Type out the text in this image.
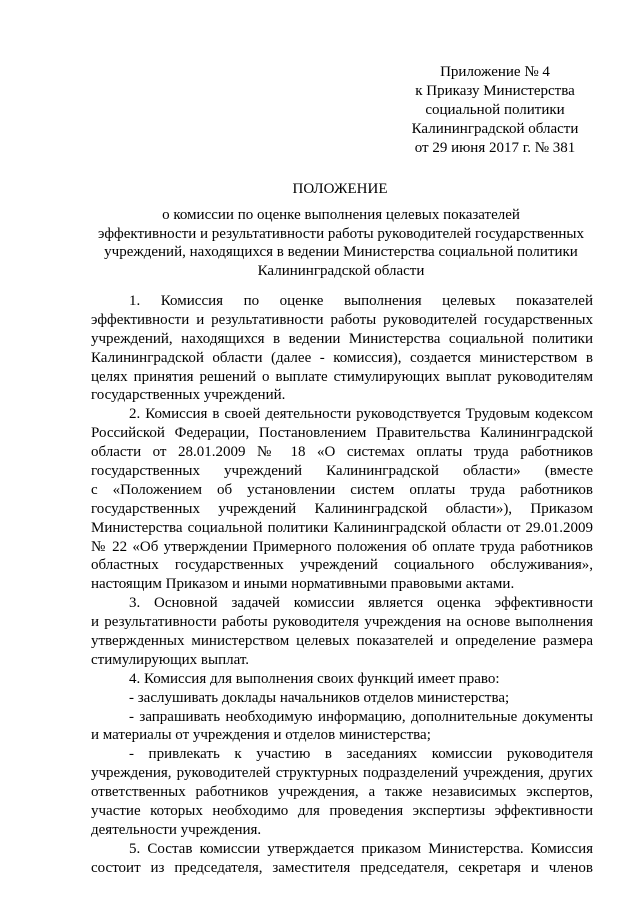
Приложение № 4
к Приказу Министерства
социальной политики
Калининградской области
от 29 июня 2017 г. № 381
ПОЛОЖЕНИЕ
о комиссии по оценке выполнения целевых показателей
эффективности и результативности работы руководителей государственных
учреждений, находящихся в ведении Министерства социальной политики
Калининградской области
1. Комиссия по оценке выполнения целевых показателей
эффективности и результативности работы руководителей государственных
учреждений, находящихся в ведении Министерства социальной политики
Калининградской области (далее - комиссия), создается министерством в
целях принятия решений о выплате стимулирующих выплат руководителям
государственных учреждений.
2. Комиссия в своей деятельности руководствуется Трудовым кодексом
Российской Федерации, Постановлением Правительства Калининградской
области от 28.01.2009 № 18 «О системах оплаты труда работников
государственных учреждений Калининградской области» (вместе
с «Положением об установлении систем оплаты труда работников
государственных учреждений Калининградской области»), Приказом
Министерства социальной политики Калининградской области от 29.01.2009
№ 22 «Об утверждении Примерного положения об оплате труда работников
областных государственных учреждений социального обслуживания»,
настоящим Приказом и иными нормативными правовыми актами.
3. Основной задачей комиссии является оценка эффективности
и результативности работы руководителя учреждения на основе выполнения
утвержденных министерством целевых показателей и определение размера
стимулирующих выплат.
4. Комиссия для выполнения своих функций имеет право:
- заслушивать доклады начальников отделов министерства;
- запрашивать необходимую информацию, дополнительные документы
и материалы от учреждения и отделов министерства;
- привлекать к участию в заседаниях комиссии руководителя
учреждения, руководителей структурных подразделений учреждения, других
ответственных работников учреждения, а также независимых экспертов,
участие которых необходимо для проведения экспертизы эффективности
деятельности учреждения.
5. Состав комиссии утверждается приказом Министерства. Комиссия
состоит из председателя, заместителя председателя, секретаря и членов
